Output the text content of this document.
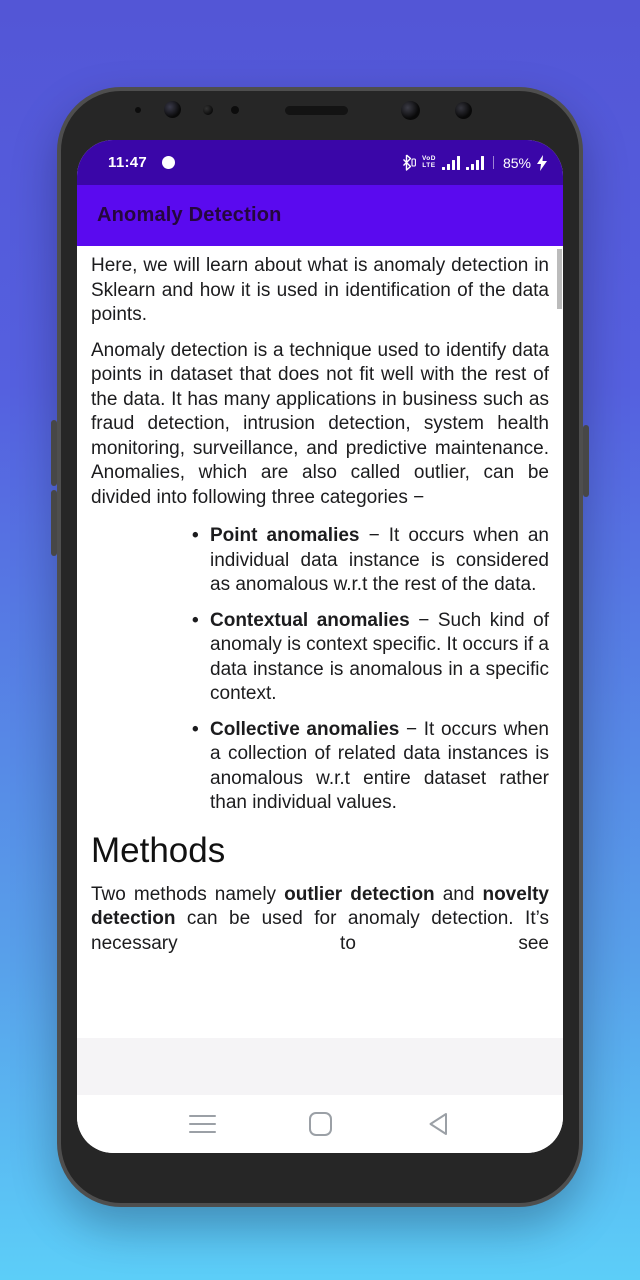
11:47	VoD
LTE	85%
Anomaly Detection

Here, we will learn about what is anomaly detection in Sklearn and how it is used in identification of the data points.

Anomaly detection is a technique used to identify data points in dataset that does not fit well with the rest of the data. It has many applications in business such as fraud detection, intrusion detection, system health monitoring, surveillance, and predictive maintenance. Anomalies, which are also called outlier, can be divided into following three categories −

• Point anomalies − It occurs when an individual data instance is considered as anomalous w.r.t the rest of the data.
• Contextual anomalies − Such kind of anomaly is context specific. It occurs if a data instance is anomalous in a specific context.
• Collective anomalies − It occurs when a collection of related data instances is anomalous w.r.t entire dataset rather than individual values.
Methods

Two methods namely outlier detection and novelty detection can be used for anomaly detection. It’s necessary to see
